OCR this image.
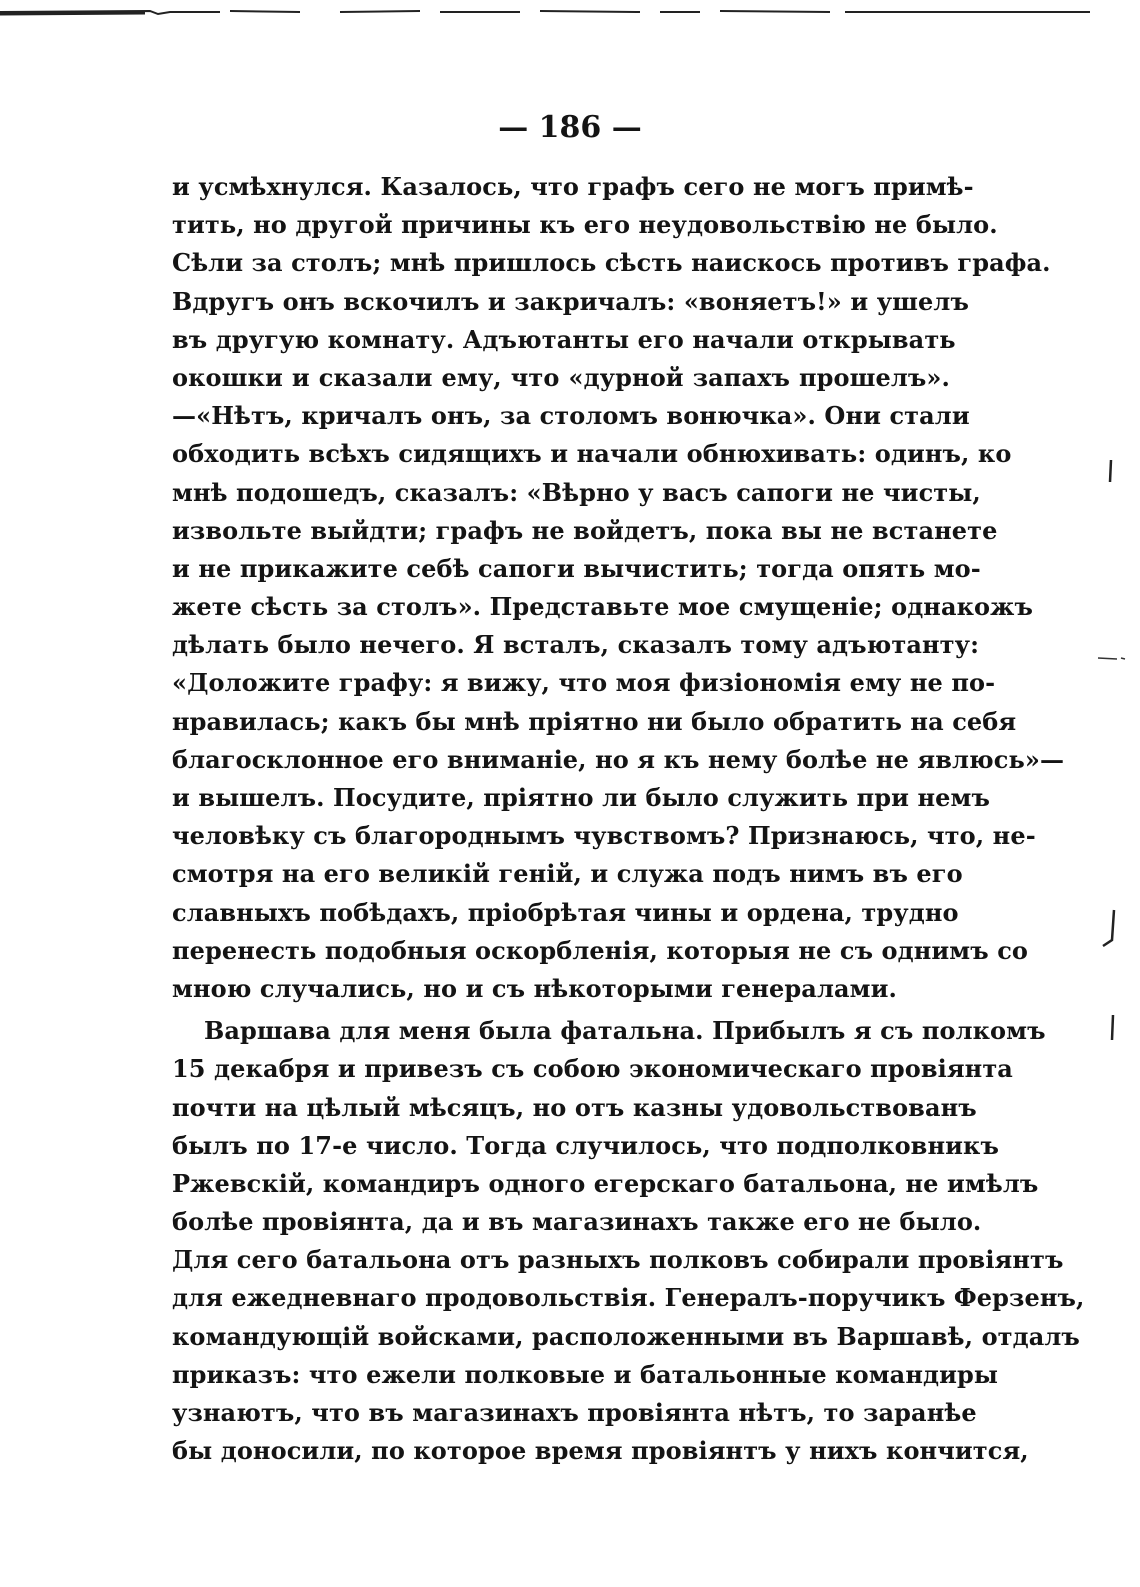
— 186 —
и усмѣхнулся. Казалось, что графъ сего не могъ примѣ-
тить, но другой причины къ его неудовольствію не было.
Сѣли за столъ; мнѣ пришлось сѣсть наискось противъ графа.
Вдругъ онъ вскочилъ и закричалъ: «воняетъ!» и ушелъ
въ другую комнату. Адъютанты его начали открывать
окошки и сказали ему, что «дурной запахъ прошелъ».
—«Нѣтъ, кричалъ онъ, за столомъ вонючка». Они стали
обходить всѣхъ сидящихъ и начали обнюхивать: одинъ, ко
мнѣ подошедъ, сказалъ: «Вѣрно у васъ сапоги не чисты,
извольте выйдти; графъ не войдетъ, пока вы не встанете
и не прикажите себѣ сапоги вычистить; тогда опять мо-
жете сѣсть за столъ». Представьте мое смущеніе; однакожъ
дѣлать было нечего. Я всталъ, сказалъ тому адъютанту:
«Доложите графу: я вижу, что моя физіономія ему не по-
нравилась; какъ бы мнѣ пріятно ни было обратить на себя
благосклонное его вниманіе, но я къ нему болѣе не явлюсь»—
и вышелъ. Посудите, пріятно ли было служить при немъ
человѣку съ благороднымъ чувствомъ? Признаюсь, что, не-
смотря на его великій геній, и служа подъ нимъ въ его
славныхъ побѣдахъ, пріобрѣтая чины и ордена, трудно
перенесть подобныя оскорбленія, которыя не съ однимъ со
мною случались, но и съ нѣкоторыми генералами.
Варшава для меня была фатальна. Прибылъ я съ полкомъ
15 декабря и привезъ съ собою экономическаго провіянта
почти на цѣлый мѣсяцъ, но отъ казны удовольствованъ
былъ по 17-е число. Тогда случилось, что подполковникъ
Ржевскій, командиръ одного егерскаго батальона, не имѣлъ
болѣе провіянта, да и въ магазинахъ также его не было.
Для сего батальона отъ разныхъ полковъ собирали провіянтъ
для ежедневнаго продовольствія. Генералъ-поручикъ Ферзенъ,
командующій войсками, расположенными въ Варшавѣ, отдалъ
приказъ: что ежели полковые и батальонные командиры
узнаютъ, что въ магазинахъ провіянта нѣтъ, то заранѣе
бы доносили, по которое время провіянтъ у нихъ кончится,
